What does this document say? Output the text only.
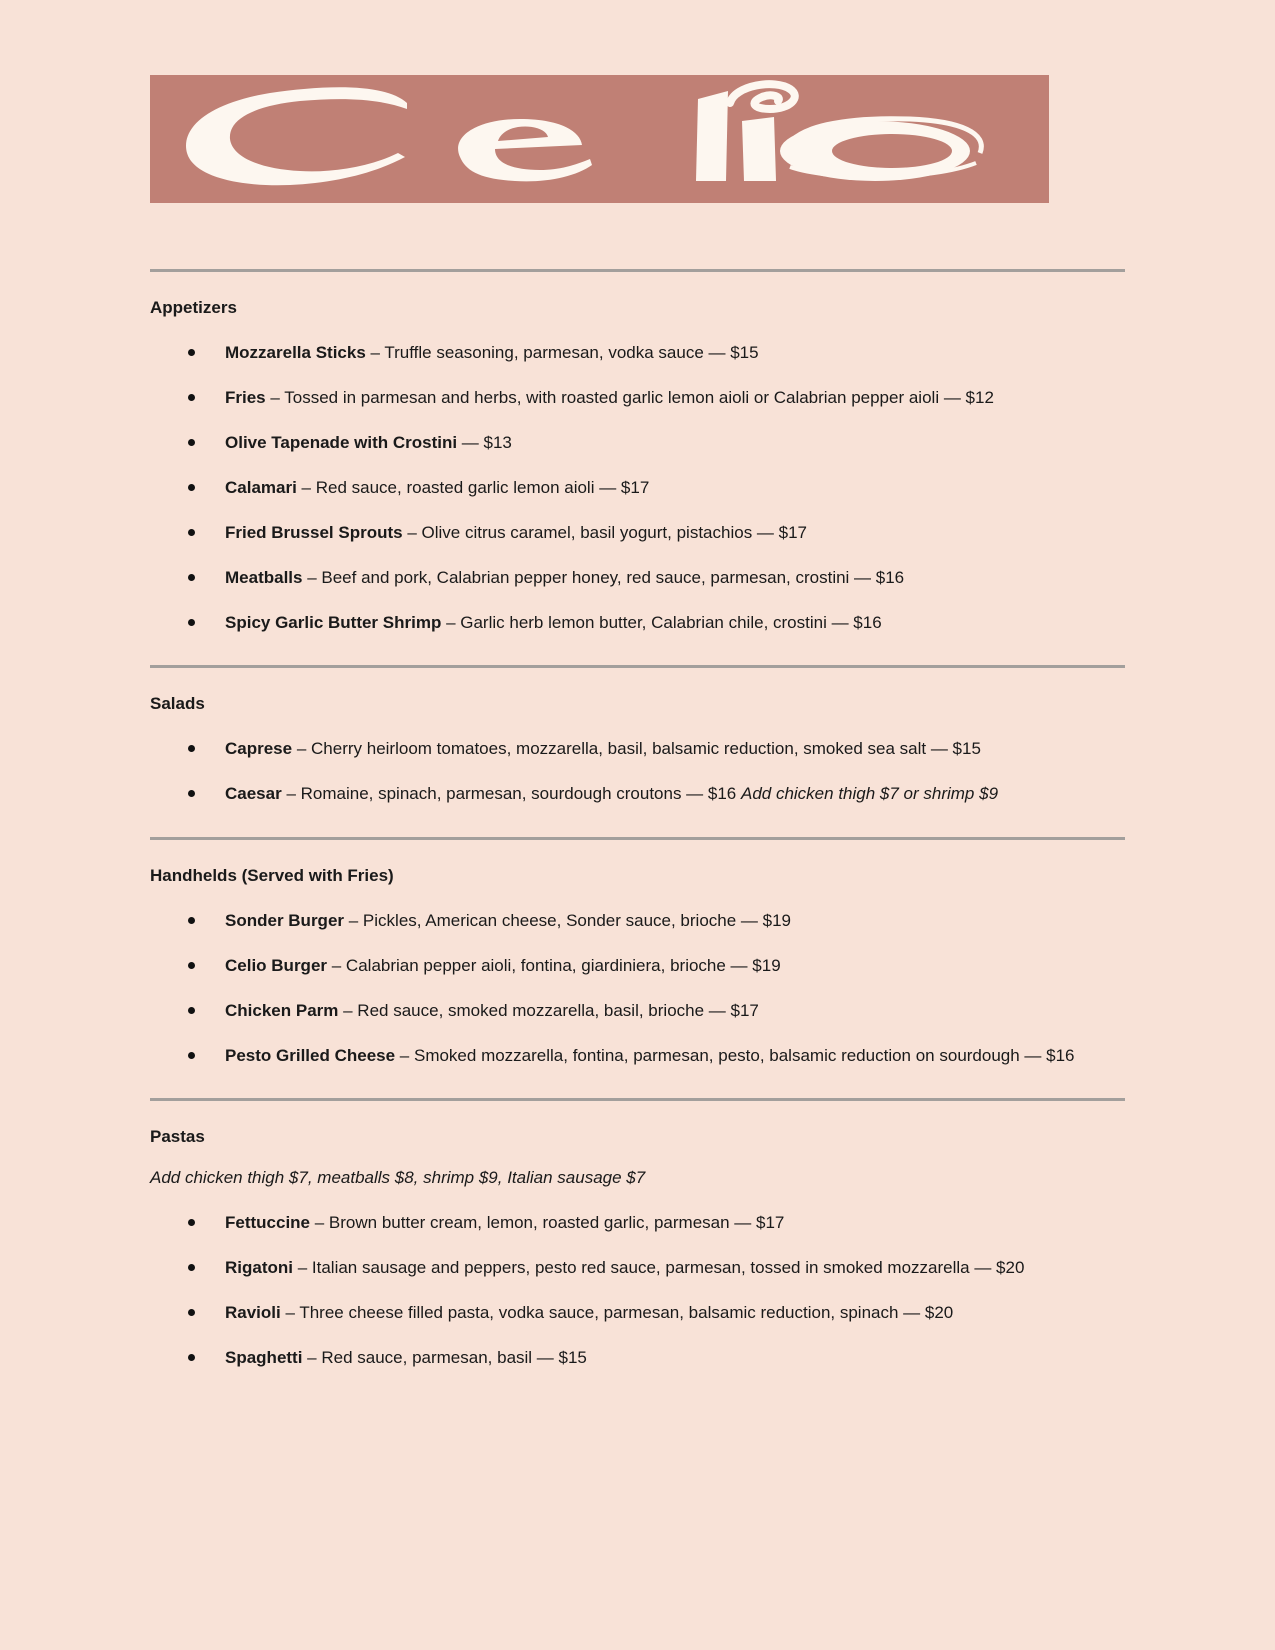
Appetizers
Mozzarella Sticks – Truffle seasoning, parmesan, vodka sauce — $15
Fries – Tossed in parmesan and herbs, with roasted garlic lemon aioli or Calabrian pepper aioli — $12
Olive Tapenade with Crostini — $13
Calamari – Red sauce, roasted garlic lemon aioli — $17
Fried Brussel Sprouts – Olive citrus caramel, basil yogurt, pistachios — $17
Meatballs – Beef and pork, Calabrian pepper honey, red sauce, parmesan, crostini — $16
Spicy Garlic Butter Shrimp – Garlic herb lemon butter, Calabrian chile, crostini — $16
Salads
Caprese – Cherry heirloom tomatoes, mozzarella, basil, balsamic reduction, smoked sea salt — $15
Caesar – Romaine, spinach, parmesan, sourdough croutons — $16 Add chicken thigh $7 or shrimp $9
Handhelds (Served with Fries)
Sonder Burger – Pickles, American cheese, Sonder sauce, brioche — $19
Celio Burger – Calabrian pepper aioli, fontina, giardiniera, brioche — $19
Chicken Parm – Red sauce, smoked mozzarella, basil, brioche — $17
Pesto Grilled Cheese – Smoked mozzarella, fontina, parmesan, pesto, balsamic reduction on sourdough — $16
Pastas

Add chicken thigh $7, meatballs $8, shrimp $9, Italian sausage $7

Fettuccine – Brown butter cream, lemon, roasted garlic, parmesan — $17
Rigatoni – Italian sausage and peppers, pesto red sauce, parmesan, tossed in smoked mozzarella — $20
Ravioli – Three cheese filled pasta, vodka sauce, parmesan, balsamic reduction, spinach — $20
Spaghetti – Red sauce, parmesan, basil — $15
